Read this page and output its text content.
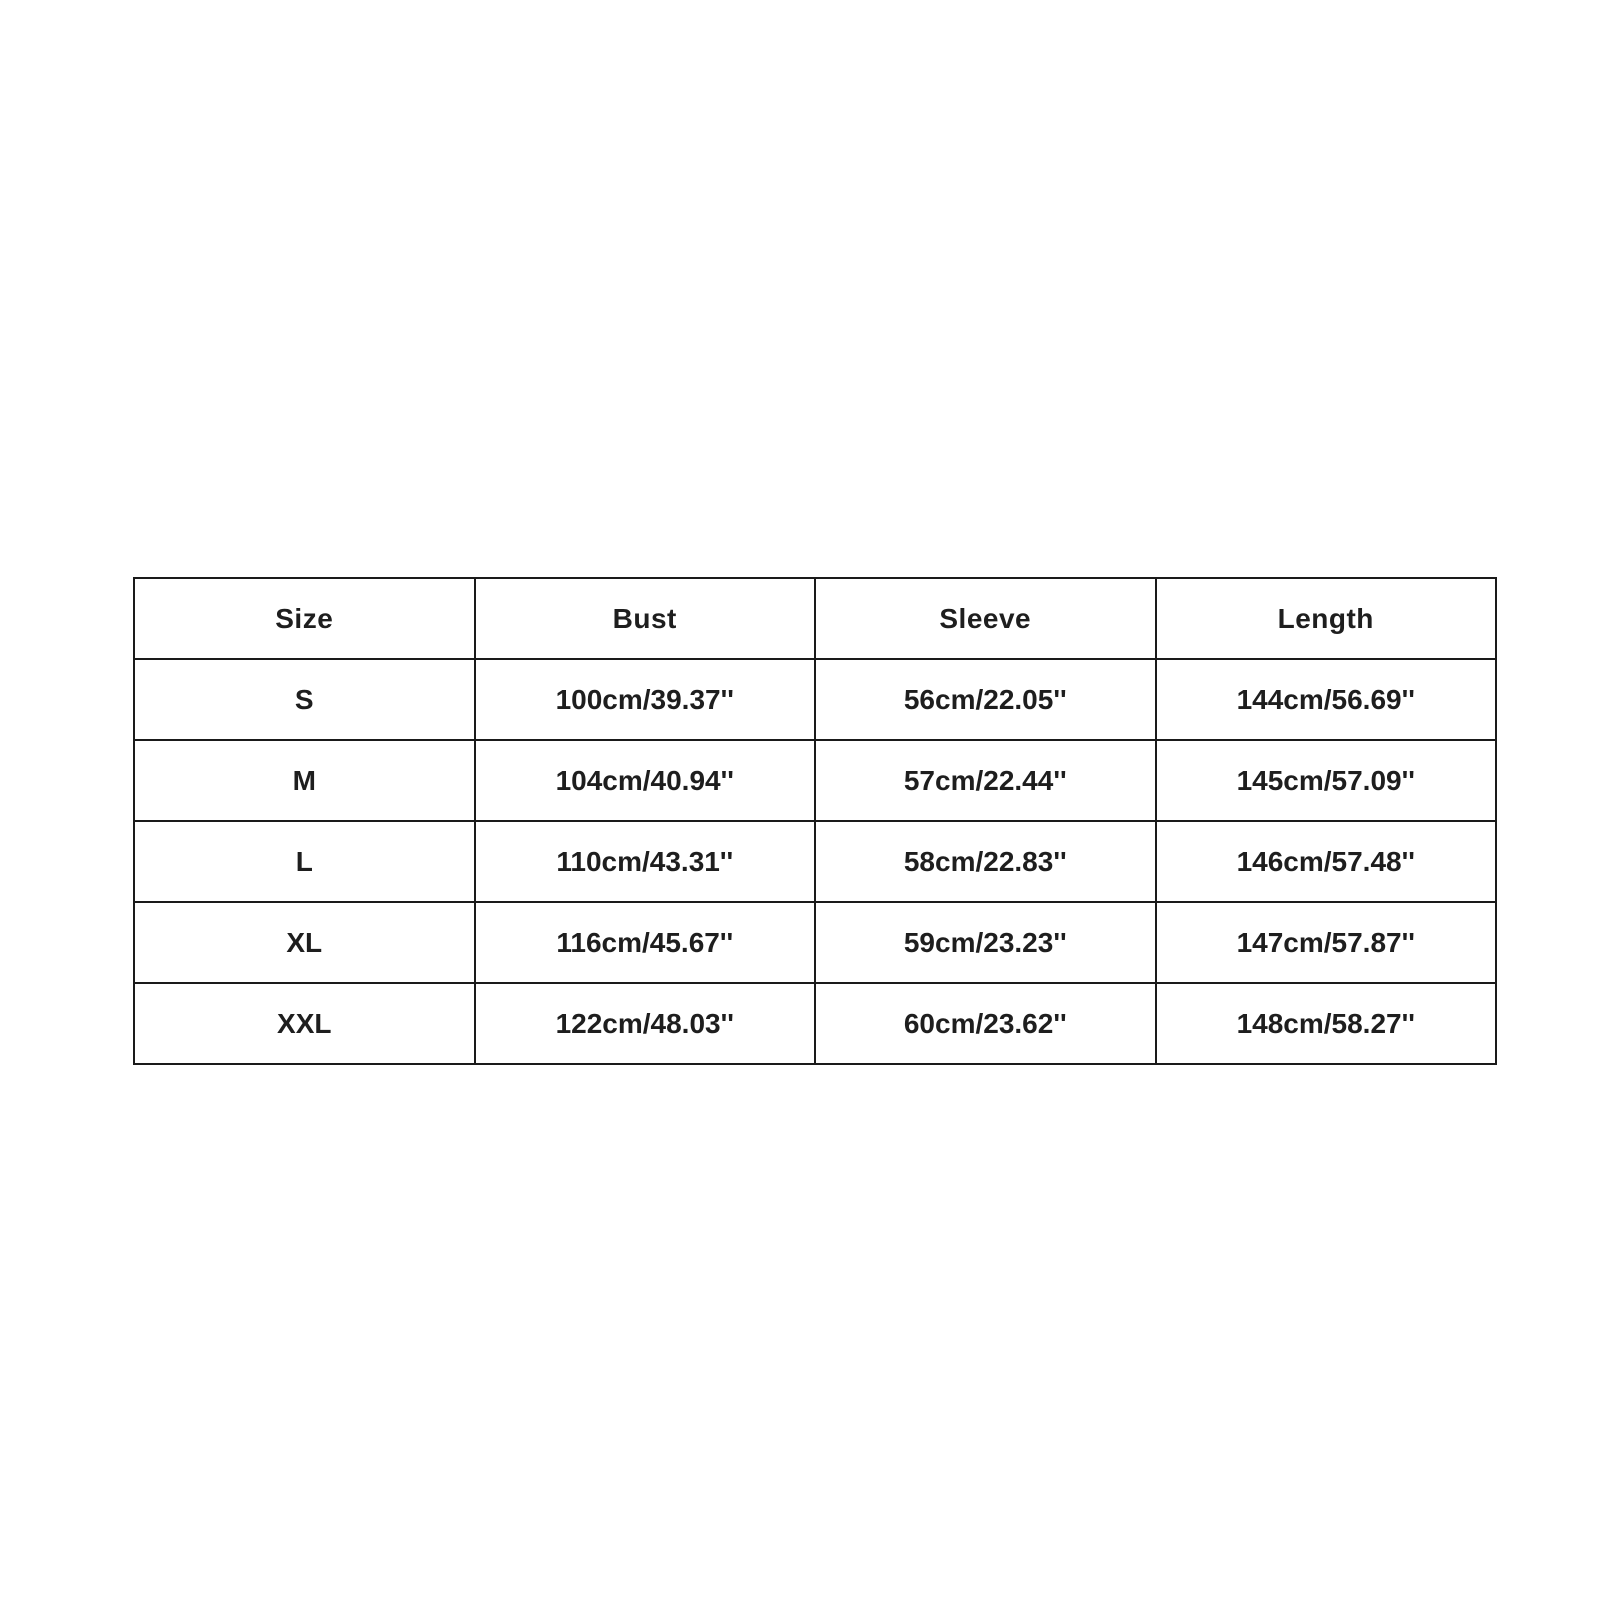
Size	Bust	Sleeve	Length
S	100cm/39.37''	56cm/22.05''	144cm/56.69''
M	104cm/40.94''	57cm/22.44''	145cm/57.09''
L	110cm/43.31''	58cm/22.83''	146cm/57.48''
XL	116cm/45.67''	59cm/23.23''	147cm/57.87''
XXL	122cm/48.03''	60cm/23.62''	148cm/58.27''
